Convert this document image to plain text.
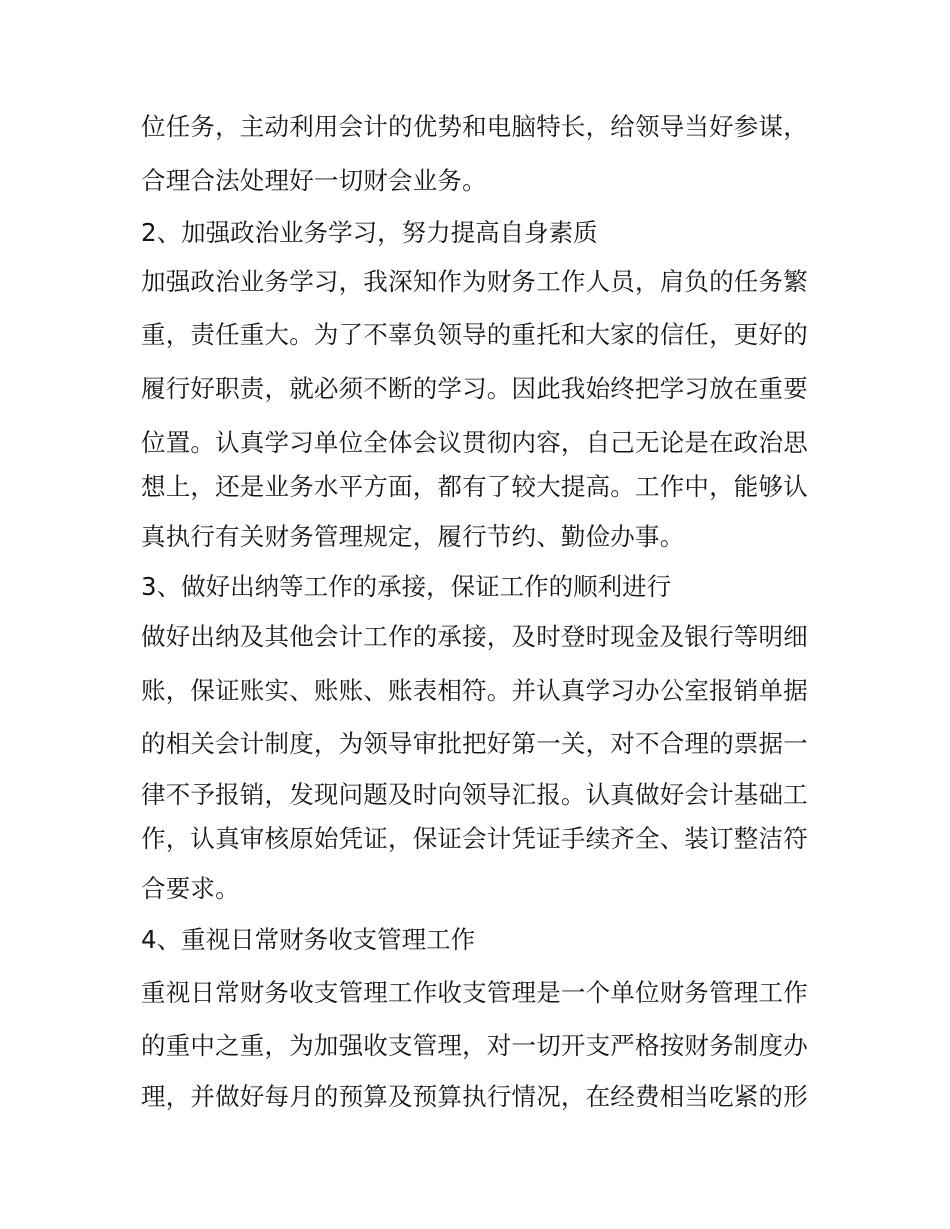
位任务，主动利用会计的优势和电脑特长，给领导当好参谋，
合理合法处理好一切财会业务。
2、加强政治业务学习，努力提高自身素质
加强政治业务学习，我深知作为财务工作人员，肩负的任务繁
重，责任重大。为了不辜负领导的重托和大家的信任，更好的
履行好职责，就必须不断的学习。因此我始终把学习放在重要
位置。认真学习单位全体会议贯彻内容，自己无论是在政治思
想上，还是业务水平方面，都有了较大提高。工作中，能够认
真执行有关财务管理规定，履行节约、勤俭办事。
3、做好出纳等工作的承接，保证工作的顺利进行
做好出纳及其他会计工作的承接，及时登时现金及银行等明细
账，保证账实、账账、账表相符。并认真学习办公室报销单据
的相关会计制度，为领导审批把好第一关，对不合理的票据一
律不予报销，发现问题及时向领导汇报。认真做好会计基础工
作，认真审核原始凭证，保证会计凭证手续齐全、装订整洁符
合要求。
4、重视日常财务收支管理工作
重视日常财务收支管理工作收支管理是一个单位财务管理工作
的重中之重，为加强收支管理，对一切开支严格按财务制度办
理，并做好每月的预算及预算执行情况，在经费相当吃紧的形
